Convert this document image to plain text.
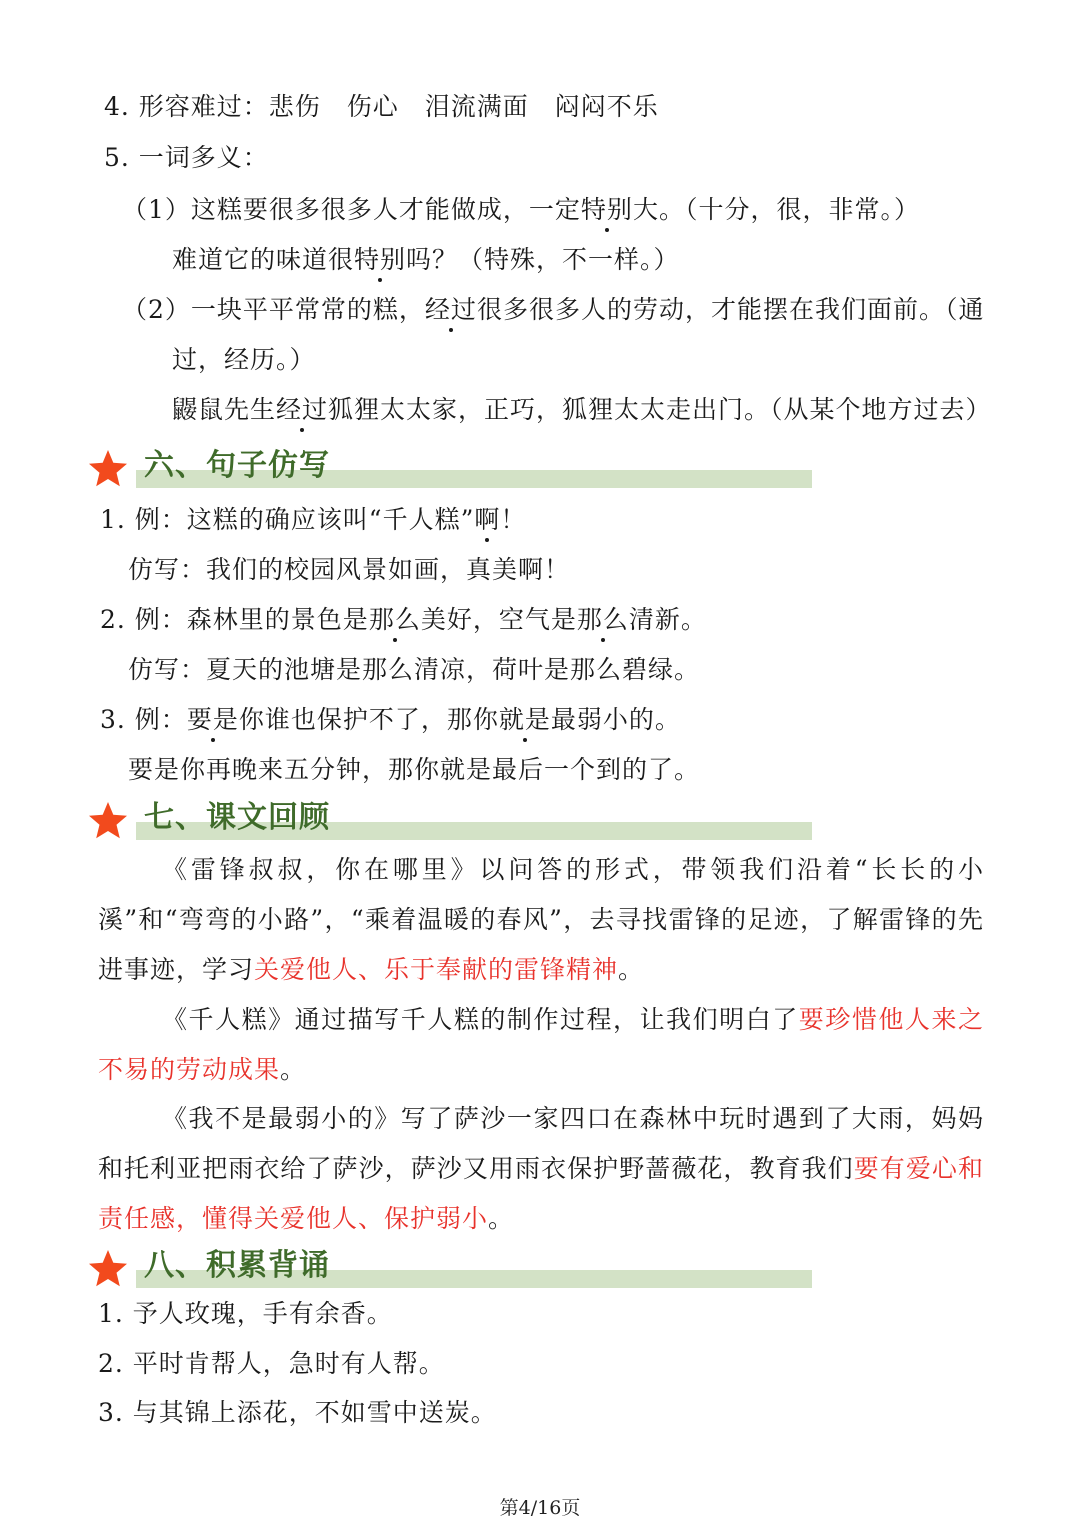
4. 形容难过：悲伤　伤心　泪流满面　闷闷不乐
5. 一词多义：
（1）这糕要很多很多人才能做成，一定特别大。（十分，很，非常。）
难道它的味道很特别吗？（特殊，不一样。）
（2）一块平平常常的糕，经过很多很多人的劳动，才能摆在我们面前。（通
过，经历。）
鼹鼠先生经过狐狸太太家，正巧，狐狸太太走出门。（从某个地方过去）
六、句子仿写
1. 例：这糕的确应该叫“千人糕”啊！
仿写：我们的校园风景如画，真美啊！
2. 例：森林里的景色是那么美好，空气是那么清新。
仿写：夏天的池塘是那么清凉，荷叶是那么碧绿。
3. 例：要是你谁也保护不了，那你就是最弱小的。
要是你再晚来五分钟，那你就是最后一个到的了。
七、课文回顾
《雷锋叔叔，你在哪里》以问答的形式，带领我们沿着“长长的小溪”和“弯弯的小路”，“乘着温暖的春风”，去寻找雷锋的足迹，了解雷锋的先进事迹，学习关爱他人、乐于奉献的雷锋精神。
《千人糕》通过描写千人糕的制作过程，让我们明白了要珍惜他人来之不易的劳动成果。
《我不是最弱小的》写了萨沙一家四口在森林中玩时遇到了大雨，妈妈和托利亚把雨衣给了萨沙，萨沙又用雨衣保护野蔷薇花，教育我们要有爱心和责任感，懂得关爱他人、保护弱小。
八、积累背诵
1. 予人玫瑰，手有余香。
2. 平时肯帮人，急时有人帮。
3. 与其锦上添花，不如雪中送炭。
第4/16页
